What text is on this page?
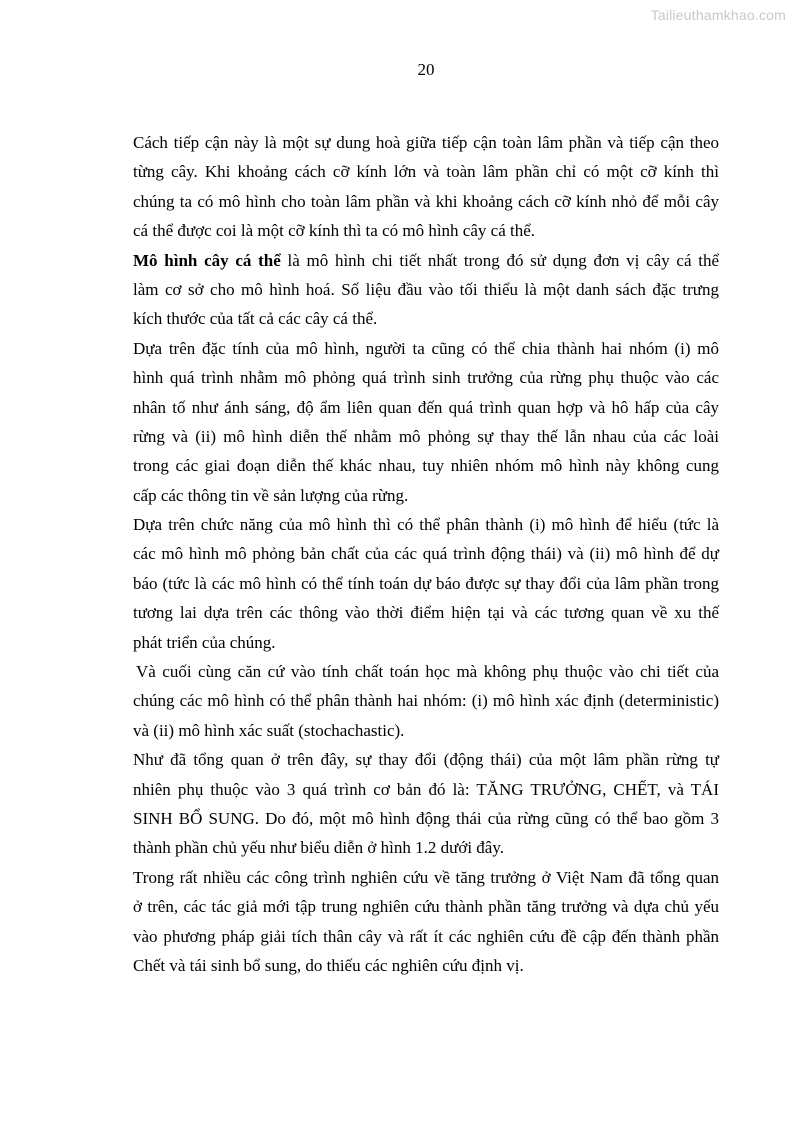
Tailieuthamkhao.com
20
Cách tiếp cận này là một sự dung hoà giữa tiếp cận toàn lâm phần và tiếp cận theo
từng cây. Khi khoảng cách cỡ kính lớn và toàn lâm phần chỉ có một cỡ kính thì
chúng ta có mô hình cho toàn lâm phần và khi khoảng cách cỡ kính nhỏ để mỗi cây
cá thể được coi là một cỡ kính thì ta có mô hình cây cá thể.
Mô hình cây cá thể là mô hình chi tiết nhất trong đó sử dụng đơn vị cây cá thể
làm cơ sở cho mô hình hoá. Số liệu đầu vào tối thiểu là một danh sách đặc trưng
kích thước của tất cả các cây cá thể.
Dựa trên đặc tính của mô hình, người ta cũng có thể chia thành hai nhóm (i) mô
hình quá trình nhằm mô phỏng quá trình sinh trưởng của rừng phụ thuộc vào các
nhân tố như ánh sáng, độ ẩm liên quan đến quá trình quan hợp và hô hấp của cây
rừng và (ii) mô hình diễn thế nhằm mô phỏng sự thay thế lẫn nhau của các loài
trong các giai đoạn diễn thế khác nhau, tuy nhiên nhóm mô hình này không cung
cấp các thông tin về sản lượng của rừng.
Dựa trên chức năng của mô hình thì có thể phân thành (i) mô hình để hiểu (tức là
các mô hình mô phỏng bản chất của các quá trình động thái) và (ii) mô hình để dự
báo (tức là các mô hình có thể tính toán dự báo được sự thay đổi của lâm phần trong
tương lai dựa trên các thông vào thời điểm hiện tại và các tương quan về xu thế
phát triển của chúng.
Và cuối cùng căn cứ vào tính chất toán học mà không phụ thuộc vào chi tiết của
chúng các mô hình có thể phân thành hai nhóm: (i) mô hình xác định (deterministic)
và (ii) mô hình xác suất (stochachastic).
Như đã tổng quan ở trên đây, sự thay đổi (động thái) của một lâm phần rừng tự
nhiên phụ thuộc vào 3 quá trình cơ bản đó là: TĂNG TRƯỞNG, CHẾT, và TÁI
SINH BỔ SUNG. Do đó, một mô hình động thái của rừng cũng có thể bao gồm 3
thành phần chủ yếu như biểu diễn ở hình 1.2 dưới đây.
Trong rất nhiều các công trình nghiên cứu về tăng trưởng ở Việt Nam đã tổng quan
ở trên, các tác giả mới tập trung nghiên cứu thành phần tăng trưởng và dựa chủ yếu
vào phương pháp giải tích thân cây và rất ít các nghiên cứu đề cập đến thành phần
Chết và tái sinh bổ sung, do thiếu các nghiên cứu định vị.
